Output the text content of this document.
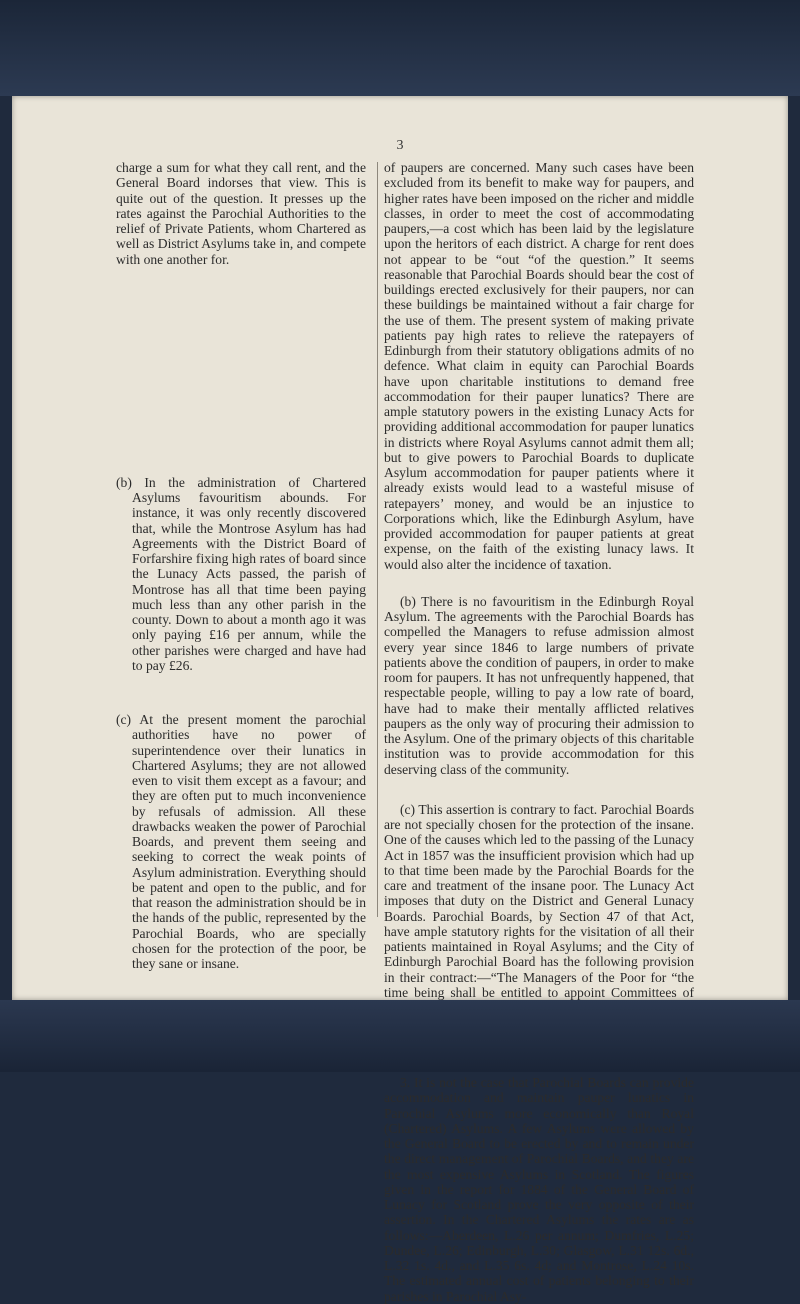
3

charge a sum for what they call rent, and the General Board indorses that view. This is quite out of the question. It presses up the rates against the Parochial Authorities to the relief of Private Patients, whom Chartered as well as District Asylums take in, and compete with one another for.

(b) In the administration of Chartered Asylums favouritism abounds. For instance, it was only recently discovered that, while the Montrose Asylum has had Agreements with the District Board of Forfarshire fixing high rates of board since the Lunacy Acts passed, the parish of Montrose has all that time been paying much less than any other parish in the county. Down to about a month ago it was only paying £16 per annum, while the other parishes were charged and have had to pay £26.

(c) At the present moment the parochial authorities have no power of superintendence over their lunatics in Chartered Asylums; they are not allowed even to visit them except as a favour; and they are often put to much inconvenience by refusals of admission. All these drawbacks weaken the power of Parochial Boards, and prevent them seeing and seeking to correct the weak points of Asylum administration. Everything should be patent and open to the public, and for that reason the administration should be in the hands of the public, represented by the Parochial Boards, who are specially chosen for the protection of the poor, be they sane or insane.

of paupers are concerned. Many such cases have been excluded from its benefit to make way for paupers, and higher rates have been imposed on the richer and middle classes, in order to meet the cost of accommodating paupers,—a cost which has been laid by the legislature upon the heritors of each district. A charge for rent does not appear to be “out “of the question.” It seems reasonable that Parochial Boards should bear the cost of buildings erected exclusively for their paupers, nor can these buildings be maintained without a fair charge for the use of them. The present system of making private patients pay high rates to relieve the ratepayers of Edinburgh from their statutory obligations admits of no defence. What claim in equity can Parochial Boards have upon charitable institutions to demand free accommodation for their pauper lunatics? There are ample statutory powers in the existing Lunacy Acts for providing additional accommodation for pauper lunatics in districts where Royal Asylums cannot admit them all; but to give powers to Parochial Boards to duplicate Asylum accommodation for pauper patients where it already exists would lead to a wasteful misuse of ratepayers’ money, and would be an injustice to Corporations which, like the Edinburgh Asylum, have provided accommodation for pauper patients at great expense, on the faith of the existing lunacy laws. It would also alter the incidence of taxation.

(b) There is no favouritism in the Edinburgh Royal Asylum. The agreements with the Parochial Boards has compelled the Managers to refuse admission almost every year since 1846 to large numbers of private patients above the condition of paupers, in order to make room for paupers. It has not unfrequently happened, that respectable people, willing to pay a low rate of board, have had to make their mentally afflicted relatives paupers as the only way of procuring their admission to the Asylum. One of the primary objects of this charitable institution was to provide accommodation for this deserving class of the community.

(c) This assertion is contrary to fact. Parochial Boards are not specially chosen for the protection of the insane. One of the causes which led to the passing of the Lunacy Act in 1857 was the insufficient provision which had up to that time been made by the Parochial Boards for the care and treatment of the insane poor. The Lunacy Act imposes that duty on the District and General Lunacy Boards. Parochial Boards, by Section 47 of that Act, have ample statutory rights for the visitation of all their patients maintained in Royal Asylums; and the City of Edinburgh Parochial Board has the following provision in their contract:—“The Managers of the Poor for “the time being shall be entitled to appoint Committees of

3. It is not the case that Parochial Boards can provide accommodation and maintain pauper lunatics in Parochial Asylums more economically than Royal (Chartered) Asylums. A few Asylums were allowed by the General Board to be erected by and to remain under the direct management of Parochial Boards, and they are the most expensive Asylums in Scotland. The figures given in the report for 1884 of the General Board of Lunacy for Scotland prove the very opposite of their assertion. In the Chartered Asylums the rates are as follows:—Aberdeen, L.26 per annum; Dumfries, L.25; Dundee, L.26; Edinburgh, L.30; Glasgow, L.31 12s. 6d., L.32 1s. 4d., and L.35 6s. 4d; and Montrose, L.24 10s. The estimated annual cost of patients belonging to their parishes in Parochial Asy-
